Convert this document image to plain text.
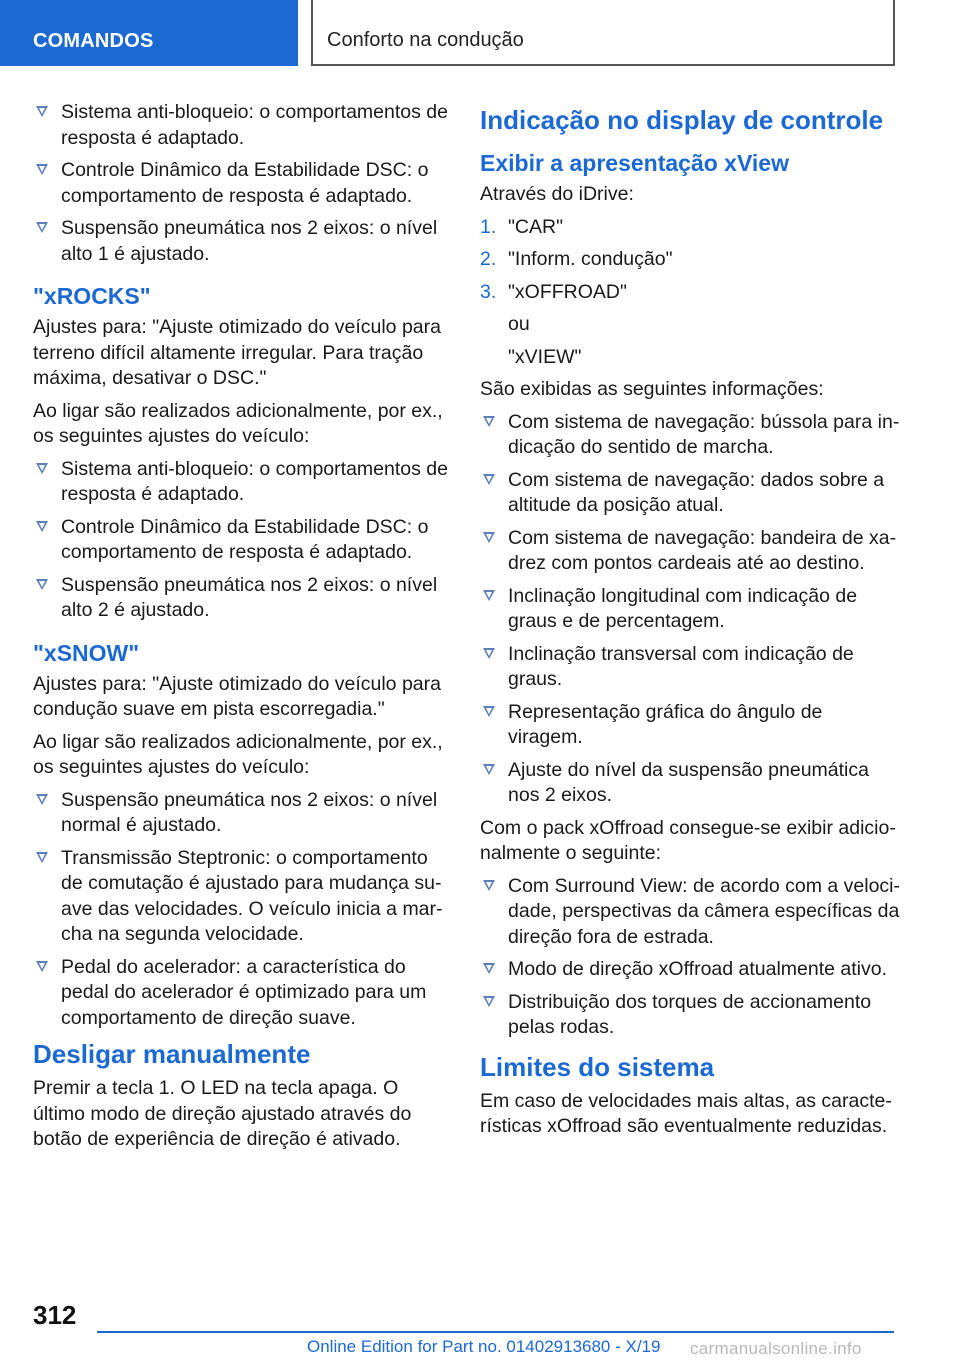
COMANDOS	Conforto na condução
Sistema anti-bloqueio: o comportamentos de resposta é adaptado.
Controle Dinâmico da Estabilidade DSC: o comportamento de resposta é adaptado.
Suspensão pneumática nos 2 eixos: o nível alto 1 é ajustado.
"xROCKS"

Ajustes para: "Ajuste otimizado do veículo para terreno difícil altamente irregular. Para tração máxima, desativar o DSC."

Ao ligar são realizados adicionalmente, por ex., os seguintes ajustes do veículo:

Sistema anti-bloqueio: o comportamentos de resposta é adaptado.
Controle Dinâmico da Estabilidade DSC: o comportamento de resposta é adaptado.
Suspensão pneumática nos 2 eixos: o nível alto 2 é ajustado.
"xSNOW"

Ajustes para: "Ajuste otimizado do veículo para condução suave em pista escorregadia."

Ao ligar são realizados adicionalmente, por ex., os seguintes ajustes do veículo:

Suspensão pneumática nos 2 eixos: o nível normal é ajustado.
Transmissão Steptronic: o comportamento de comutação é ajustado para mudança suave das velocidades. O veículo inicia a marcha na segunda velocidade.
Pedal do acelerador: a característica do pedal do acelerador é optimizado para um comportamento de direção suave.
Desligar manualmente

Premir a tecla 1. O LED na tecla apaga. O último modo de direção ajustado através do botão de experiência de direção é ativado.

Indicação no display de controle
Exibir a apresentação xView

Através do iDrive:

1. "CAR"
2. "Inform. condução"
3. "xOFFROAD"
ou
"xVIEW"

São exibidas as seguintes informações:

Com sistema de navegação: bússola para indicação do sentido de marcha.
Com sistema de navegação: dados sobre a altitude da posição atual.
Com sistema de navegação: bandeira de xadrez com pontos cardeais até ao destino.
Inclinação longitudinal com indicação de graus e de percentagem.
Inclinação transversal com indicação de graus.
Representação gráfica do ângulo de viragem.
Ajuste do nível da suspensão pneumática nos 2 eixos.

Com o pack xOffroad consegue-se exibir adicionalmente o seguinte:

Com Surround View: de acordo com a velocidade, perspectivas da câmera específicas da direção fora de estrada.
Modo de direção xOffroad atualmente ativo.
Distribuição dos torques de accionamento pelas rodas.
Limites do sistema

Em caso de velocidades mais altas, as características xOffroad são eventualmente reduzidas.

312
Online Edition for Part no. 01402913680 - X/19 carmanualsonline.info
